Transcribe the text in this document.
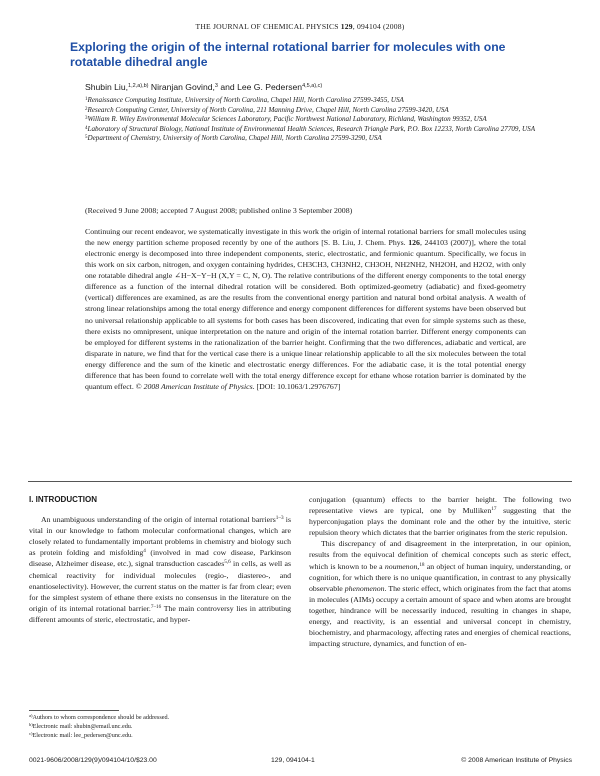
THE JOURNAL OF CHEMICAL PHYSICS 129, 094104 (2008)
Exploring the origin of the internal rotational barrier for molecules with one rotatable dihedral angle
Shubin Liu,$^{1,2,a),b)}$ Niranjan Govind,$^3$ and Lee G. Pedersen$^{4,5,a),c)}$
$^1$Renaissance Computing Institute, University of North Carolina, Chapel Hill, North Carolina 27599-3455, USA
$^2$Research Computing Center, University of North Carolina, 211 Manning Drive, Chapel Hill, North Carolina 27599-3420, USA
$^3$William R. Wiley Environmental Molecular Sciences Laboratory, Pacific Northwest National Laboratory, Richland, Washington 99352, USA
$^4$Laboratory of Structural Biology, National Institute of Environmental Health Sciences, Research Triangle Park, P.O. Box 12233, North Carolina 27709, USA
$^5$Department of Chemistry, University of North Carolina, Chapel Hill, North Carolina 27599-3290, USA
(Received 9 June 2008; accepted 7 August 2008; published online 3 September 2008)

Continuing our recent endeavor, we systematically investigate in this work the origin of internal rotational barriers for small molecules using the new energy partition scheme proposed recently by one of the authors [S. B. Liu, J. Chem. Phys. 126, 244103 (2007)], where the total electronic energy is decomposed into three independent components, steric, electrostatic, and fermionic quantum. Specifically, we focus in this work on six carbon, nitrogen, and oxygen containing hydrides, CH3CH3, CH3NH2, CH3OH, NH2NH2, NH2OH, and H2O2, with only one rotatable dihedral angle ∠H−X−Y−H (X,Y = C, N, O). The relative contributions of the different energy components to the total energy difference as a function of the internal dihedral rotation will be considered. Both optimized-geometry (adiabatic) and fixed-geometry (vertical) differences are examined, as are the results from the conventional energy partition and natural bond orbital analysis. A wealth of strong linear relationships among the total energy difference and energy component differences for different systems have been observed but no universal relationship applicable to all systems for both cases has been discovered, indicating that even for simple systems such as these, there exists no omnipresent, unique interpretation on the nature and origin of the internal rotation barrier. Different energy components can be employed for different systems in the rationalization of the barrier height. Confirming that the two differences, adiabatic and vertical, are disparate in nature, we find that for the vertical case there is a unique linear relationship applicable to all the six molecules between the total energy difference and the sum of the kinetic and electrostatic energy differences. For the adiabatic case, it is the total potential energy difference that has been found to correlate well with the total energy difference except for ethane whose rotation barrier is dominated by the quantum effect. © 2008 American Institute of Physics. [DOI: 10.1063/1.2976767]

I. INTRODUCTION

An unambiguous understanding of the origin of internal rotational barriers$^{1-3}$ is vital in our knowledge to fathom molecular conformational changes, which are closely related to fundamentally important problems in chemistry and biology such as protein folding and misfolding$^4$ (involved in mad cow disease, Parkinson disease, Alzheimer disease, etc.), signal transduction cascades$^{5,6}$ in cells, as well as chemical reactivity for individual molecules (regio-, diastereo-, and enantioselectivity). However, the current status on the matter is far from clear; even for the simplest system of ethane there exists no consensus in the literature on the origin of its internal rotational barrier.$^{7-16}$ The main controversy lies in attributing different amounts of steric, electrostatic, and hyper-

conjugation (quantum) effects to the barrier height. The following two representative views are typical, one by Mulliken$^{17}$ suggesting that the hyperconjugation plays the dominant role and the other by the intuitive, steric repulsion theory which dictates that the barrier originates from the steric repulsion.

This discrepancy of and disagreement in the interpretation, in our opinion, results from the equivocal definition of chemical concepts such as steric effect, which is known to be a noumenon,$^{18}$ an object of human inquiry, understanding, or cognition, for which there is no unique quantification, in contrast to any physically observable phenomenon. The steric effect, which originates from the fact that atoms in molecules (AIMs) occupy a certain amount of space and when atoms are brought together, hindrance will be necessarily induced, resulting in changes in shape, energy, and reactivity, is an essential and universal concept in chemistry, biochemistry, and pharmacology, affecting rates and energies of chemical reactions, impacting structure, dynamics, and function of en-

$^{a)}$Authors to whom correspondence should be addressed.
$^{b)}$Electronic mail: shubin@email.unc.edu.
$^{c)}$Electronic mail: lee_pedersen@unc.edu.
0021-9606/2008/129(9)/094104/10/$23.00	129, 094104-1	© 2008 American Institute of Physics
